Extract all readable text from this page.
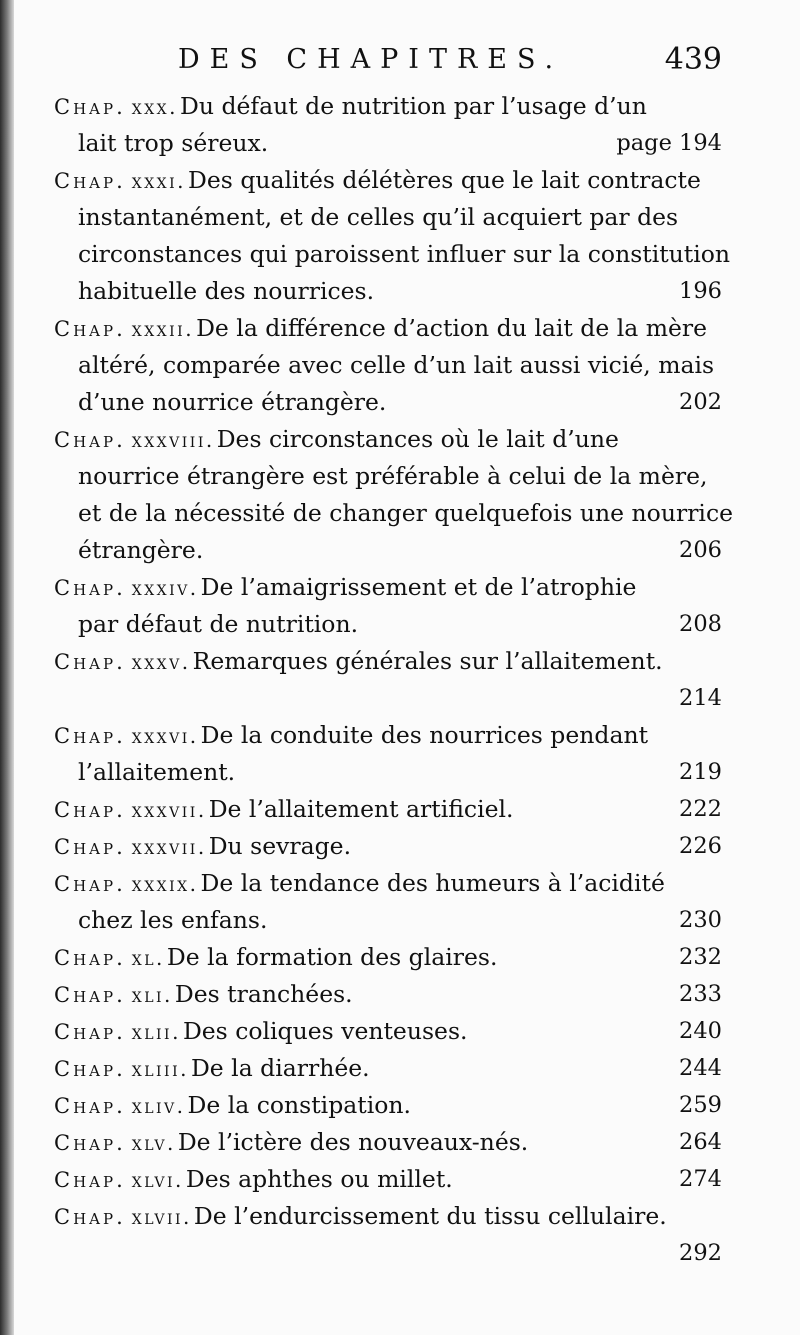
DES CHAPITRES.	439
Chap. xxx.Du défaut de nutrition par l’usage d’un
lait trop séreux.	page 194
Chap. xxxi.Des qualités délétères que le lait contracte
instantanément, et de celles qu’il acquiert par des
circonstances qui paroissent influer sur la constitution
habituelle des nourrices.	196
Chap. xxxii.De la différence d’action du lait de la mère
altéré, comparée avec celle d’un lait aussi vicié, mais
d’une nourrice étrangère.	202
Chap. xxxviii.Des circonstances où le lait d’une
nourrice étrangère est préférable à celui de la mère,
et de la nécessité de changer quelquefois une nourrice
étrangère.	206
Chap. xxxiv.De l’amaigrissement et de l’atrophie
par défaut de nutrition.	208
Chap. xxxv.Remarques générales sur l’allaitement.
214
Chap. xxxvi.De la conduite des nourrices pendant
l’allaitement.	219
Chap. xxxvii.De l’allaitement artificiel.	222
Chap. xxxvii.Du sevrage.	226
Chap. xxxix.De la tendance des humeurs à l’acidité
chez les enfans.	230
Chap. xl.De la formation des glaires.	232
Chap. xli.Des tranchées.	233
Chap. xlii.Des coliques venteuses.	240
Chap. xliii.De la diarrhée.	244
Chap. xliv.De la constipation.	259
Chap. xlv.De l’ictère des nouveaux-nés.	264
Chap. xlvi.Des aphthes ou millet.	274
Chap. xlvii.De l’endurcissement du tissu cellulaire.
292
